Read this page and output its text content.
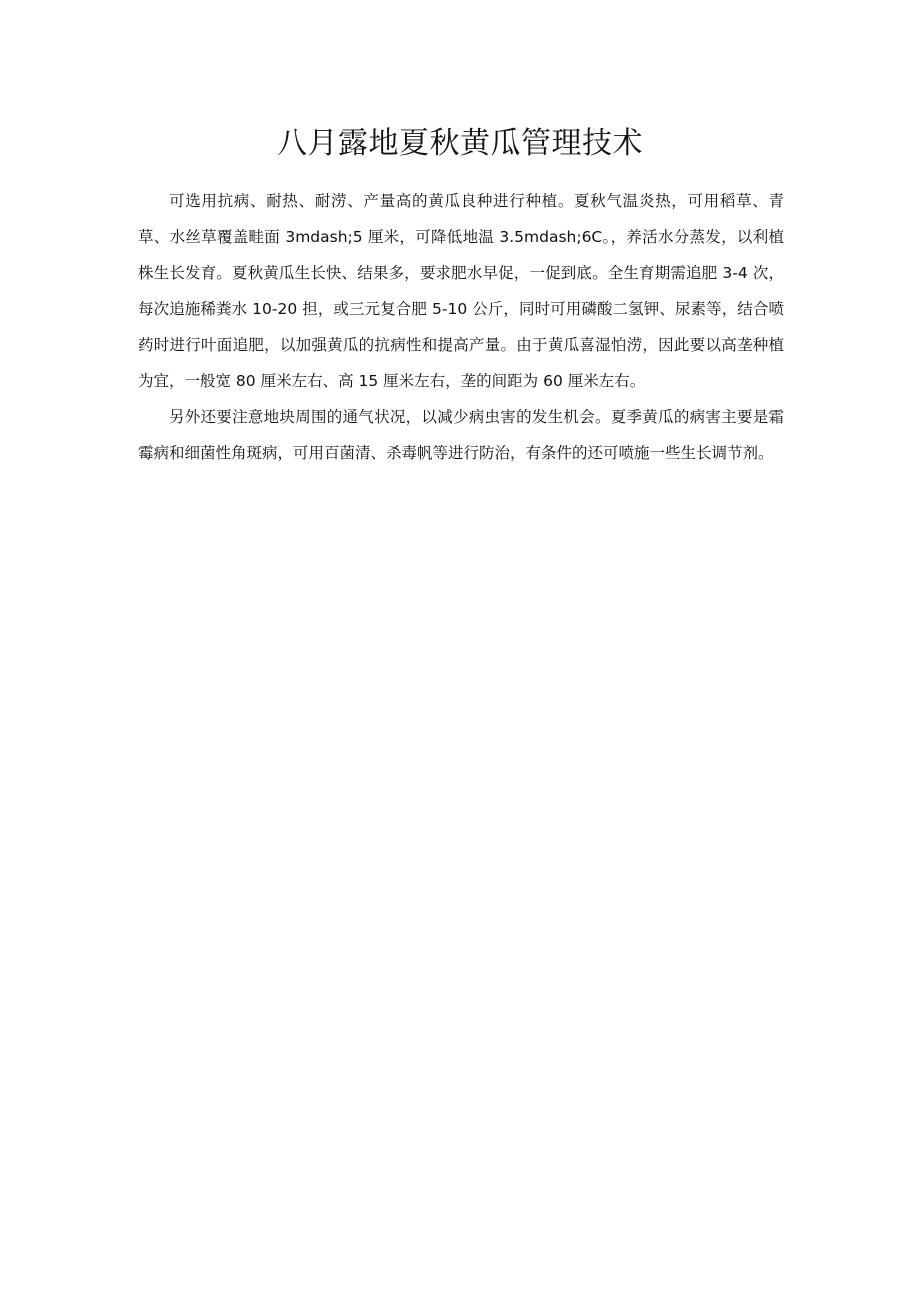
八月露地夏秋黄瓜管理技术

可选用抗病、耐热、耐涝、产量高的黄瓜良种进行种植。夏秋气温炎热，可用稻草、青草、水丝草覆盖畦面 3mdash;5 厘米，可降低地温 3.5mdash;6C。，养活水分蒸发，以利植株生长发育。夏秋黄瓜生长快、结果多，要求肥水早促，一促到底。全生育期需追肥 3-4 次，每次追施稀粪水 10-20 担，或三元复合肥 5-10 公斤，同时可用磷酸二氢钾、尿素等，结合喷药时进行叶面追肥，以加强黄瓜的抗病性和提高产量。由于黄瓜喜湿怕涝，因此要以高垄种植为宜，一般宽 80 厘米左右、高 15 厘米左右，垄的间距为 60 厘米左右。

另外还要注意地块周围的通气状况，以减少病虫害的发生机会。夏季黄瓜的病害主要是霜霉病和细菌性角斑病，可用百菌清、杀毒帆等进行防治，有条件的还可喷施一些生长调节剂。
